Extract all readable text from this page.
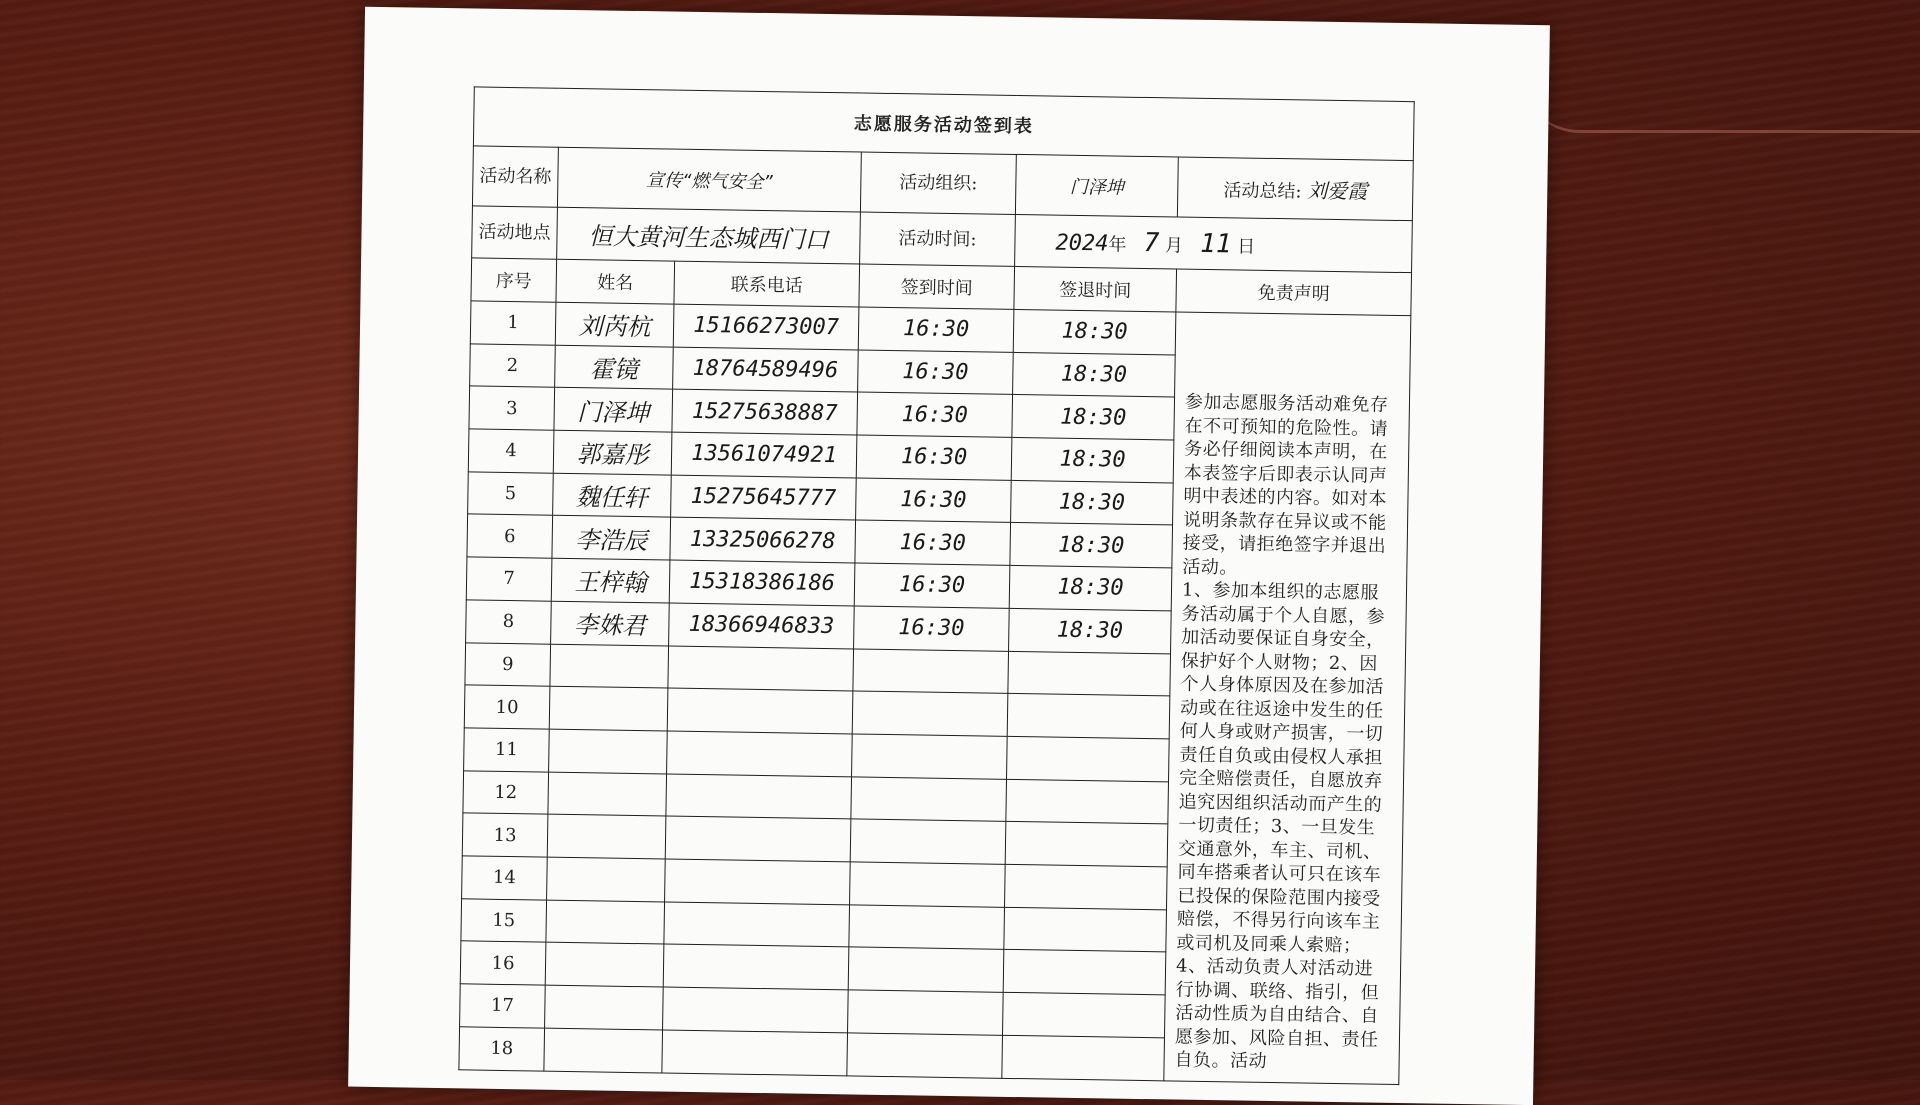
志愿服务活动签到表					
活动名称	宣传“燃气安全”		活动组织:	门泽坤	活动总结: 刘爱霞
活动地点	恒大黄河生态城西门口		活动时间:	2024年 7 月 11 日	
序号	姓名	联系电话	签到时间	签退时间	免责声明
1	刘芮杭	15166273007	16:30	18:30	参加志愿服务活动难免存在不可预知的危险性。请务必仔细阅读本声明，在本表签字后即表示认同声明中表述的内容。如对本说明条款存在异议或不能接受，请拒绝签字并退出活动。
1、参加本组织的志愿服务活动属于个人自愿，参加活动要保证自身安全，保护好个人财物；2、因个人身体原因及在参加活动或在往返途中发生的任何人身或财产损害，一切责任自负或由侵权人承担完全赔偿责任，自愿放弃追究因组织活动而产生的一切责任；3、一旦发生交通意外，车主、司机、同车搭乘者认可只在该车已投保的保险范围内接受赔偿，不得另行向该车主或司机及同乘人索赔；4、活动负责人对活动进行协调、联络、指引，但活动性质为自由结合、自愿参加、风险自担、责任自负。活动

2	霍镜	18764589496	16:30	18:30	
3	门泽坤	15275638887	16:30	18:30	
4	郭嘉彤	13561074921	16:30	18:30	
5	魏任轩	15275645777	16:30	18:30	
6	李浩辰	13325066278	16:30	18:30	
7	王梓翰	15318386186	16:30	18:30	
8	李姝君	18366946833	16:30	18:30	
9					
10					
11					
12					
13					
14					
15					
16					
17					
18					
